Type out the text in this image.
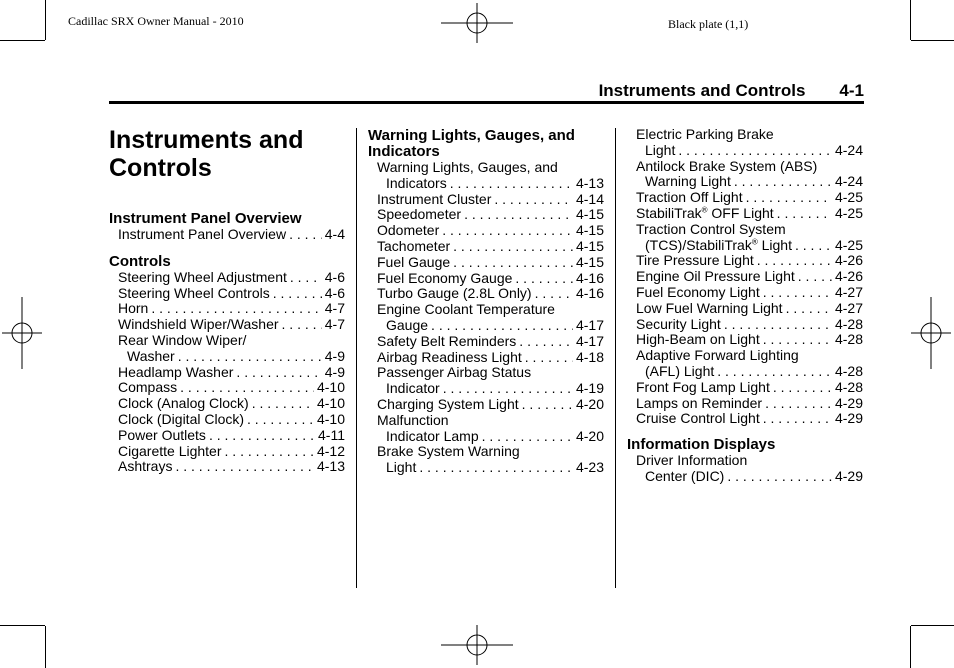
Cadillac SRX Owner Manual - 2010	Black plate (1,1)
Instruments and Controls 4-1
Instruments and Controls
Instrument Panel Overview
Instrument Panel Overview . . .	4-4
Controls
Steering Wheel Adjustment . . .	4-6
Steering Wheel Controls . . .	4-6
Horn . . .	4-7
Windshield Wiper/Washer . . .	4-7
Rear Window Wiper/
Washer . . .	4-9
Headlamp Washer . . .	4-9
Compass . . .	4-10
Clock (Analog Clock) . . .	4-10
Clock (Digital Clock) . . .	4-10
Power Outlets . . .	4-11
Cigarette Lighter . . .	4-12
Ashtrays . . .	4-13
Warning Lights, Gauges, and Indicators
Warning Lights, Gauges, and
Indicators . . .	4-13
Instrument Cluster . . .	4-14
Speedometer . . .	4-15
Odometer . . .	4-15
Tachometer . . .	4-15
Fuel Gauge . . .	4-15
Fuel Economy Gauge . . .	4-16
Turbo Gauge (2.8L Only) . . .	4-16
Engine Coolant Temperature
Gauge . . .	4-17
Safety Belt Reminders . . .	4-17
Airbag Readiness Light . . .	4-18
Passenger Airbag Status
Indicator . . .	4-19
Charging System Light . . .	4-20
Malfunction
Indicator Lamp . . .	4-20
Brake System Warning
Light . . .	4-23
Electric Parking Brake
Light . . .	4-24
Antilock Brake System (ABS)
Warning Light . . .	4-24
Traction Off Light . . .	4-25
StabiliTrak® OFF Light . . .	4-25
Traction Control System
(TCS)/StabiliTrak® Light . . .	4-25
Tire Pressure Light . . .	4-26
Engine Oil Pressure Light . . .	4-26
Fuel Economy Light . . .	4-27
Low Fuel Warning Light . . .	4-27
Security Light . . .	4-28
High-Beam on Light . . .	4-28
Adaptive Forward Lighting
(AFL) Light . . .	4-28
Front Fog Lamp Light . . .	4-28
Lamps on Reminder . . .	4-29
Cruise Control Light . . .	4-29
Information Displays
Driver Information
Center (DIC) . . .	4-29
